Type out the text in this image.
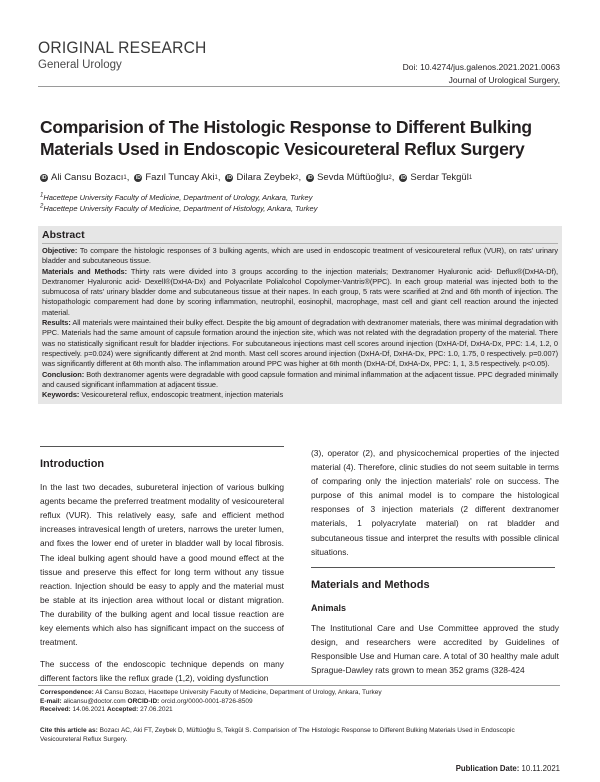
ORIGINAL RESEARCH
General Urology	Doi: 10.4274/jus.galenos.2021.2021.0063
Journal of Urological Surgery,
Comparision of The Histologic Response to Different Bulking Materials Used in Endoscopic Vesicoureteral Reflux Surgery
iD Ali Cansu Bozacı 1 ,	iD Fazıl Tuncay Aki 1 ,	iD Dilara Zeybek 2 ,	iD Sevda Müftüoğlu 2 ,	iD Serdar Tekgül 1
$^1$Hacettepe University Faculty of Medicine, Department of Urology, Ankara, Turkey
$^2$Hacettepe University Faculty of Medicine, Department of Histology, Ankara, Turkey
Abstract

Objective: To compare the histologic responses of 3 bulking agents, which are used in endoscopic treatment of vesicoureteral reflux (VUR), on rats' urinary bladder and subcutaneous tissue.

Materials and Methods: Thirty rats were divided into 3 groups according to the injection materials; Dextranomer Hyaluronic acid- Deflux®(DxHA-Df), Dextranomer Hyaluronic acid- Dexell®(DxHA-Dx) and Polyacrilate Polialcohol Copolymer-Vantris®(PPC). In each group material was injected both to the submucosa of rats' urinary bladder dome and subcutaneous tissue at their napes. In each group, 5 rats were scarified at 2nd and 6th month of injection. The histopathologic comparement had done by scoring inflammation, neutrophil, eosinophil, macrophage, mast cell and giant cell reaction around the injected material.

Results: All materials were maintained their bulky effect. Despite the big amount of degradation with dextranomer materials, there was minimal degradation with PPC. Materials had the same amount of capsule formation around the injection site, which was not related with the degradation property of the material. There was no statistically significant result for bladder injections. For subcutaneous injections mast cell scores around injection (DxHA-Df, DxHA-Dx, PPC: 1.4, 1.2, 0 respectively. p=0.024) were significantly different at 2nd month. Mast cell scores around injection (DxHA-Df, DxHA-Dx, PPC: 1.0, 1.75, 0 respectively. p=0.007) was significantly different at 6th month also. The inflammation around PPC was higher at 6th month (DxHA-Df, DxHA-Dx, PPC: 1, 1, 3.5 respectively. p<0.05).

Conclusion: Both dextranomer agents were degradable with good capsule formation and minimal inflammation at the adjacent tissue. PPC degraded minimally and caused significant inflammation at adjacent tissue.

Keywords: Vesicoureteral reflux, endoscopic treatment, injection materials

Introduction

In the last two decades, subureteral injection of various bulking agents became the preferred treatment modality of vesicoureteral reflux (VUR). This relatively easy, safe and efficient method increases intravesical length of ureters, narrows the ureter lumen, and fixes the lower end of ureter in bladder wall by local fibrosis. The ideal bulking agent should have a good mound effect at the tissue and preserve this effect for long term without any tissue reaction. Injection should be easy to apply and the material must be stable at its injection area without local or distant migration. The durability of the bulking agent and local tissue reaction are key elements which also has significant impact on the success of treatment.

The success of the endoscopic technique depends on many different factors like the reflux grade (1,2), voiding dysfunction

(3), operator (2), and physicochemical properties of the injected material (4). Therefore, clinic studies do not seem suitable in terms of comparing only the injection materials' role on success. The purpose of this animal model is to compare the histological responses of 3 injection materials (2 different dextranomer materials, 1 polyacrylate material) on rat bladder and subcutaneous tissue and interpret the results with possible clinical situations.

Materials and Methods
Animals

The Institutional Care and Use Committee approved the study design, and researchers were accredited by Guidelines of Responsible Use and Human care. A total of 30 healthy male adult Sprague-Dawley rats grown to mean 352 grams (328-424

Correspondence: Ali Cansu Bozacı, Hacettepe University Faculty of Medicine, Department of Urology, Ankara, Turkey
E-mail: alicansu@doctor.com ORCID-ID: orcid.org/0000-0001-8726-8509
Received: 14.06.2021 Accepted: 27.06.2021
Cite this article as: Bozacı AC, Aki FT, Zeybek D, Müftüoğlu S, Tekgül S. Comparision of The Histologic Response to Different Bulking Materials Used in Endoscopic Vesicoureteral Reflux Surgery.
Publication Date: 10.11.2021
